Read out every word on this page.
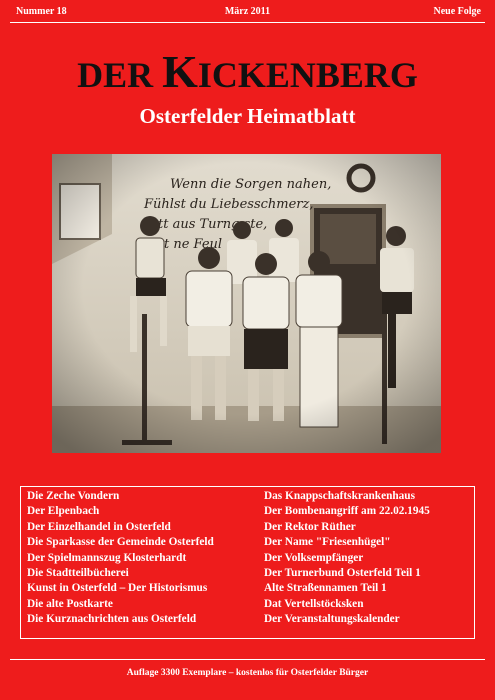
Nummer 18	März 2011	Neue Folge
DER KICKENBERG
Osterfelder Heimatblatt
Die Zeche Vondern
Der Elpenbach
Der Einzelhandel in Osterfeld
Die Sparkasse der Gemeinde Osterfeld
Der Spielmannszug Klosterhardt
Die Stadtteilbücherei
Kunst in Osterfeld – Der Historismus
Die alte Postkarte
Die Kurznachrichten aus Osterfeld
Das Knappschaftskrankenhaus
Der Bombenangriff am 22.02.1945
Der Rektor Rüther
Der Name "Friesenhügel"
Der Volksempfänger
Der Turnerbund Osterfeld Teil 1
Alte Straßennamen Teil 1
Dat Vertellstöcksken
Der Veranstaltungskalender
Auflage 3300 Exemplare – kostenlos für Osterfelder Bürger
